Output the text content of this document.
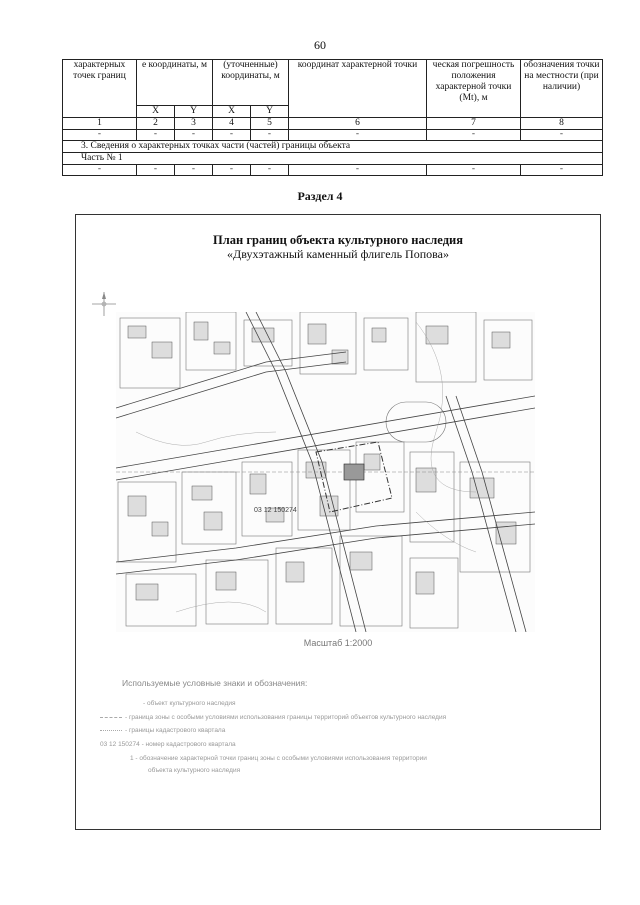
60
характерных точек границ	е координаты, м		(уточненные) координаты, м		координат характерной точки	ческая погрешность положения характерной точки (Mt), м	обозначения точки на местности (при наличии)
	X	Y	X	Y			
1	2	3	4	5	6	7	8
-	-	-	-	-	-	-	-
3. Сведения о характерных точках части (частей) границы объекта							
Часть № 1							
-	-	-	-	-	-	-	-
Раздел 4
План границ объекта культурного наследия
«Двухэтажный каменный флигель Попова»
03 12 150274
Масштаб 1:2000
Используемые условные знаки и обозначения:
- объект культурного наследия
- граница зоны с особыми условиями использования границы территорий объектов культурного наследия
- границы кадастрового квартала
03 12 150274 - номер кадастрового квартала
1 - обозначение характерной точки границ зоны с особыми условиями использования территории
объекта культурного наследия
